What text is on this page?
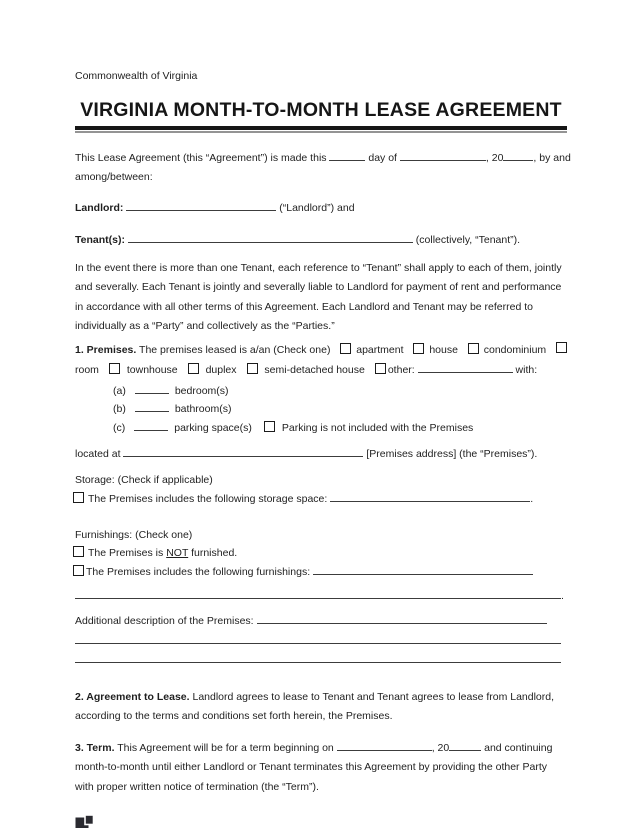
Commonwealth of Virginia
VIRGINIA MONTH-TO-MONTH LEASE AGREEMENT
This Lease Agreement (this “Agreement”) is made this	day of	, 20	, by and
among/between:
Landlord:	(“Landlord”) and
Tenant(s):	(collectively, “Tenant”).
In the event there is more than one Tenant, each reference to “Tenant” shall apply to each of them, jointly
and severally. Each Tenant is jointly and severally liable to Landlord for payment of rent and performance
in accordance with all other terms of this Agreement. Each Landlord and Tenant may be referred to
individually as a “Party” and collectively as the “Parties.”
1. Premises. The premises leased is a/an (Check one)	apartment	house	condominium
room townhouse duplex semi-detached house other:	with:
(a)	bedroom(s)
(b)	bathroom(s)
(c)	parking space(s)	Parking is not included with the Premises
located at	[Premises address] (the “Premises”).
Storage: (Check if applicable)
The Premises includes the following storage space:	.
Furnishings: (Check one)
The Premises is NOT furnished.
The Premises includes the following furnishings:
.
Additional description of the Premises:
2. Agreement to Lease. Landlord agrees to lease to Tenant and Tenant agrees to lease from Landlord,
according to the terms and conditions set forth herein, the Premises.
3. Term. This Agreement will be for a term beginning on	, 20	and continuing
month-to-month until either Landlord or Tenant terminates this Agreement by providing the other Party
with proper written notice of termination (the “Term”).
